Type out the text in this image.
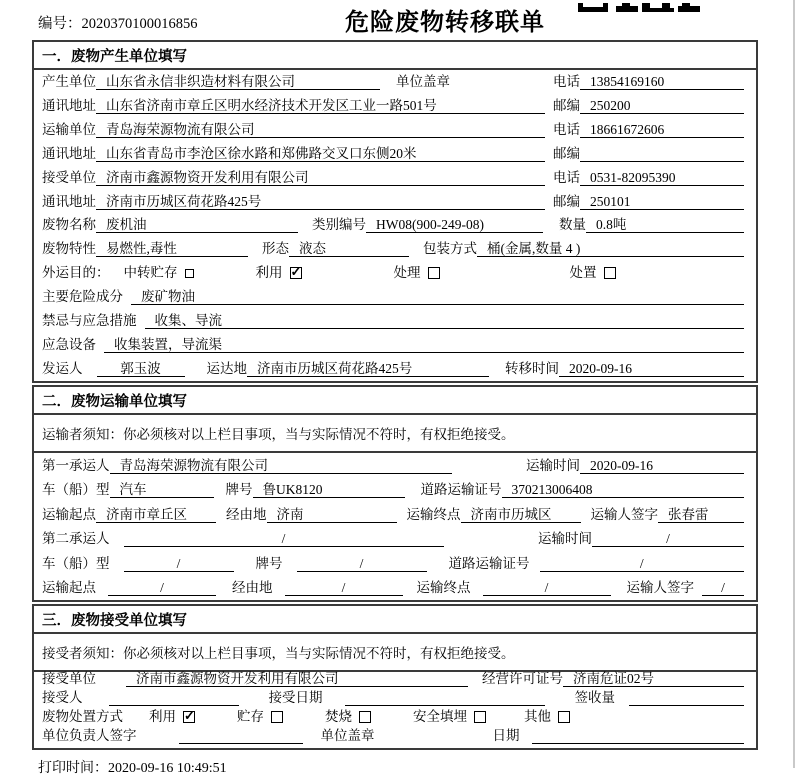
编号：2020370100016856	危险废物转移联单
一．废物产生单位填写
产生单位 山东省永信非织造材料有限公司	单位盖章	电话 13854169160
通讯地址 山东省济南市章丘区明水经济技术开发区工业一路501号	邮编 250200
运输单位 青岛海荣源物流有限公司	电话 18661672606
通讯地址 山东省青岛市李沧区徐水路和郑佛路交叉口东侧20米	邮编
接受单位 济南市鑫源物资开发利用有限公司	电话 0531-82095390
通讯地址 济南市历城区荷花路425号	邮编 250101
废物名称 废机油	类别编号 HW08(900-249-08)	数量 0.8吨
废物特性 易燃性,毒性	形态 液态	包装方式 桶(金属,数量 4 )
外运目的： 中转贮存	利用 ✓	处理	处置
主要危险成分	废矿物油
禁忌与应急措施	收集、导流
应急设备	收集装置，导流渠
发运人	郭玉波	运达地 济南市历城区荷花路425号	转移时间 2020-09-16
二．废物运输单位填写
运输者须知：你必须核对以上栏目事项，当与实际情况不符时，有权拒绝接受。
第一承运人 青岛海荣源物流有限公司	运输时间 2020-09-16
车（船）型 汽车	牌号 鲁UK8120	道路运输证号 370213006408
运输起点 济南市章丘区	经由地 济南	运输终点 济南市历城区	运输人签字 张春雷
第二承运人	/	运输时间	/
车（船）型	/	牌号	/	道路运输证号	/
运输起点	/	经由地	/	运输终点	/	运输人签字	/
三．废物接受单位填写
接受者须知：你必须核对以上栏目事项，当与实际情况不符时，有权拒绝接受。
接受单位	济南市鑫源物资开发利用有限公司	经营许可证号 济南危证02号
接受人	接受日期	签收量
废物处置方式 利用 ✓	贮存	焚烧	安全填埋	其他
单位负责人签字	单位盖章	日期
打印时间：2020-09-16 10:49:51
